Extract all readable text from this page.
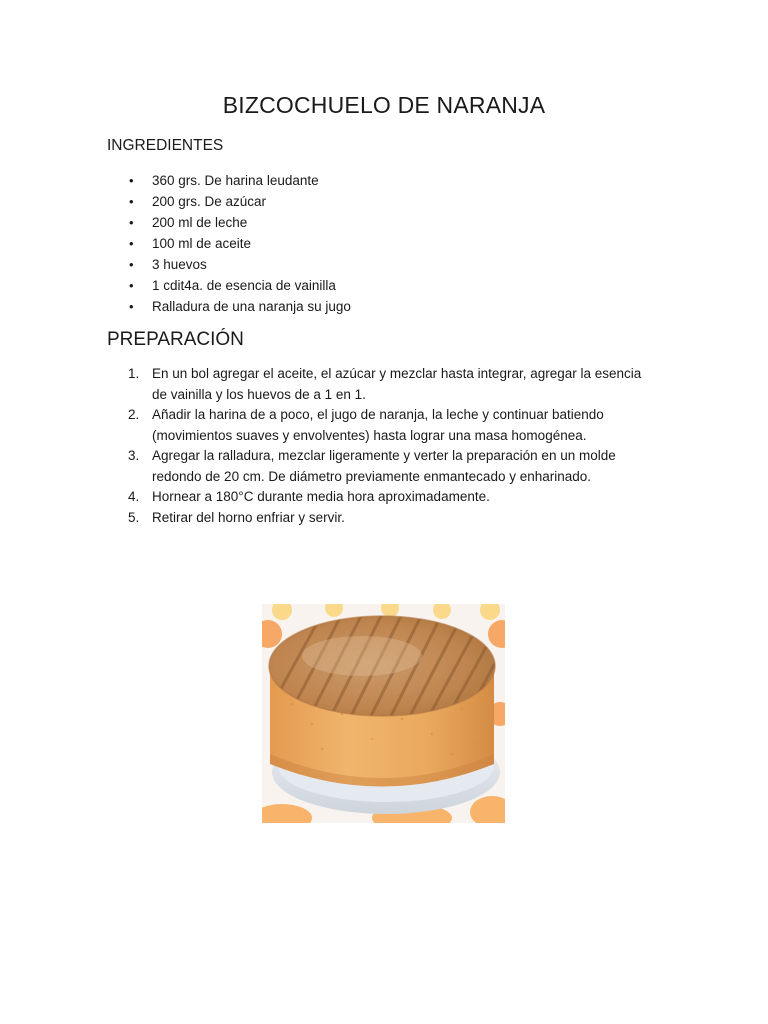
BIZCOCHUELO DE NARANJA
INGREDIENTES
• 360 grs. De harina leudante
• 200 grs. De azúcar
• 200 ml de leche
• 100 ml de aceite
• 3 huevos
• 1 cdit4a. de esencia de vainilla
• Ralladura de una naranja su jugo
PREPARACIÓN
1. En un bol agregar el aceite, el azúcar y mezclar hasta integrar, agregar la esencia de vainilla y los huevos de a 1 en 1.
2. Añadir la harina de a poco, el jugo de naranja, la leche y continuar batiendo (movimientos suaves y envolventes) hasta lograr una masa homogénea.
3. Agregar la ralladura, mezclar ligeramente y verter la preparación en un molde redondo de 20 cm. De diámetro previamente enmantecado y enharinado.
4. Hornear a 180°C durante media hora aproximadamente.
5. Retirar del horno enfriar y servir.
